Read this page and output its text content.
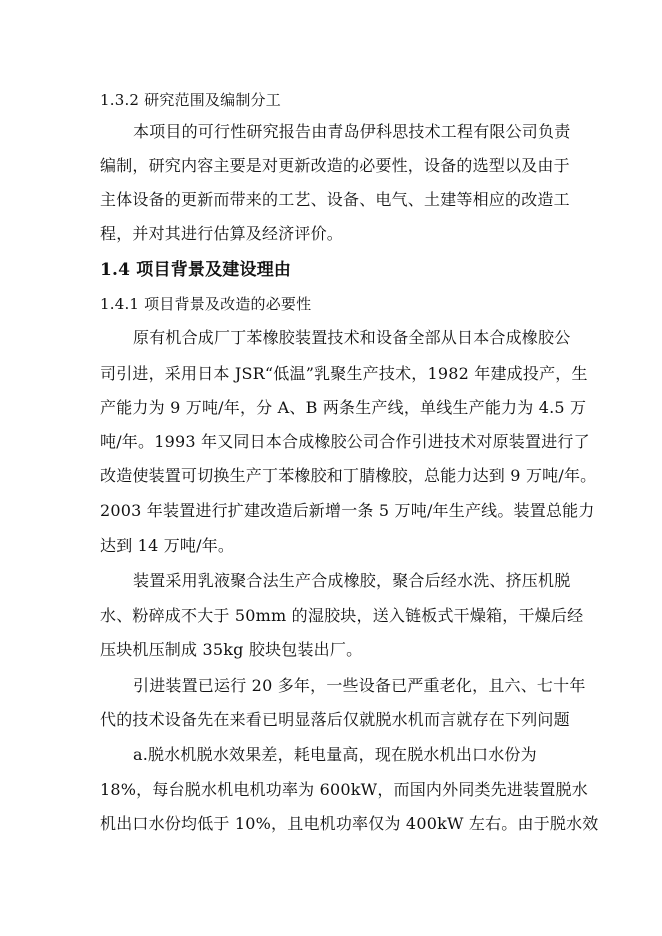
1.3.2 研究范围及编制分工
本项目的可行性研究报告由青岛伊科思技术工程有限公司负责
编制，研究内容主要是对更新改造的必要性，设备的选型以及由于
主体设备的更新而带来的工艺、设备、电气、土建等相应的改造工
程，并对其进行估算及经济评价。
1.4 项目背景及建设理由
1.4.1 项目背景及改造的必要性
原有机合成厂丁苯橡胶装置技术和设备全部从日本合成橡胶公
司引进，采用日本 JSR“低温”乳聚生产技术，1982 年建成投产，生
产能力为 9 万吨/年，分 A、B 两条生产线，单线生产能力为 4.5 万
吨/年。1993 年又同日本合成橡胶公司合作引进技术对原装置进行了
改造使装置可切换生产丁苯橡胶和丁腈橡胶，总能力达到 9 万吨/年。
2003 年装置进行扩建改造后新增一条 5 万吨/年生产线。装置总能力
达到 14 万吨/年。
装置采用乳液聚合法生产合成橡胶，聚合后经水洗、挤压机脱
水、粉碎成不大于 50mm 的湿胶块，送入链板式干燥箱，干燥后经
压块机压制成 35kg 胶块包装出厂。
引进装置已运行 20 多年，一些设备已严重老化，且六、七十年
代的技术设备先在来看已明显落后仅就脱水机而言就存在下列问题
a.脱水机脱水效果差，耗电量高，现在脱水机出口水份为
18%，每台脱水机电机功率为 600kW，而国内外同类先进装置脱水
机出口水份均低于 10%，且电机功率仅为 400kW 左右。由于脱水效
